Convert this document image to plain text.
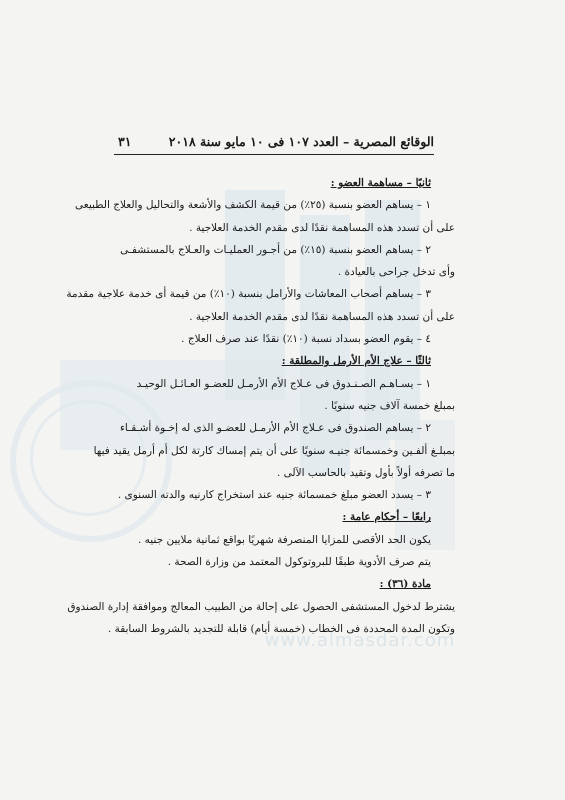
www.almasdar.com
٣١	الوقائع المصرية – العدد ١٠٧ فى ١٠ مايو سنة ٢٠١٨
ثانيًا – مساهمة العضو :
١ – يساهم العضو بنسبة (٢٥٪) من قيمة الكشف والأشعة والتحاليل والعلاج الطبيعى
على أن تسدد هذه المساهمة نقدًا لدى مقدم الخدمة العلاجية .
٢ – يساهم العضو بنسبة (١٥٪) من أجـور العمليـات والعـلاج بالمستشفـى
وأى تدخل جراحى بالعيادة .
٣ – يساهم أصحاب المعاشات والأرامل بنسبة (١٠٪) من قيمة أى خدمة علاجية مقدمة
على أن تسدد هذه المساهمة نقدًا لدى مقدم الخدمة العلاجية .
٤ – يقوم العضو بسداد نسبة (١٠٪) نقدًا عند صرف العلاج .
ثالثًا – علاج الأم الأرمل والمطلقة :
١ – يسـاهـم الصـنـدوق فى عـلاج الأم الأرمـل للعضـو العـائـل الوحيـد
بمبلغ خمسة آلاف جنيه سنويًا .
٢ – يساهم الصندوق فى عـلاج الأم الأرمـل للعضـو الذى له إخـوة أشـقـاء
بمبلـغ ألفـين وخمسمائة جنيـه سنويًا على أن يتم إمساك كارتة لكل أم أرمل يقيد فيها
ما تصرفه أولاً بأول وتقيد بالحاسب الآلى .
٣ – يسدد العضو مبلغ خمسمائة جنيه عند استخراج كارنيه والدته السنوى .
رابعًا – أحكام عامة :
يكون الحد الأقصى للمزايا المنصرفة شهريًا بواقع ثمانية ملايين جنيه .
يتم صرف الأدوية طبقًا للبروتوكول المعتمد من وزارة الصحة .
مادة (٣٦) :
يشترط لدخول المستشفى الحصول على إحالة من الطبيب المعالج وموافقة إدارة الصندوق
وتكون المدة المحددة فى الخطاب (خمسة أيام) قابلة للتجديد بالشروط السابقة .
